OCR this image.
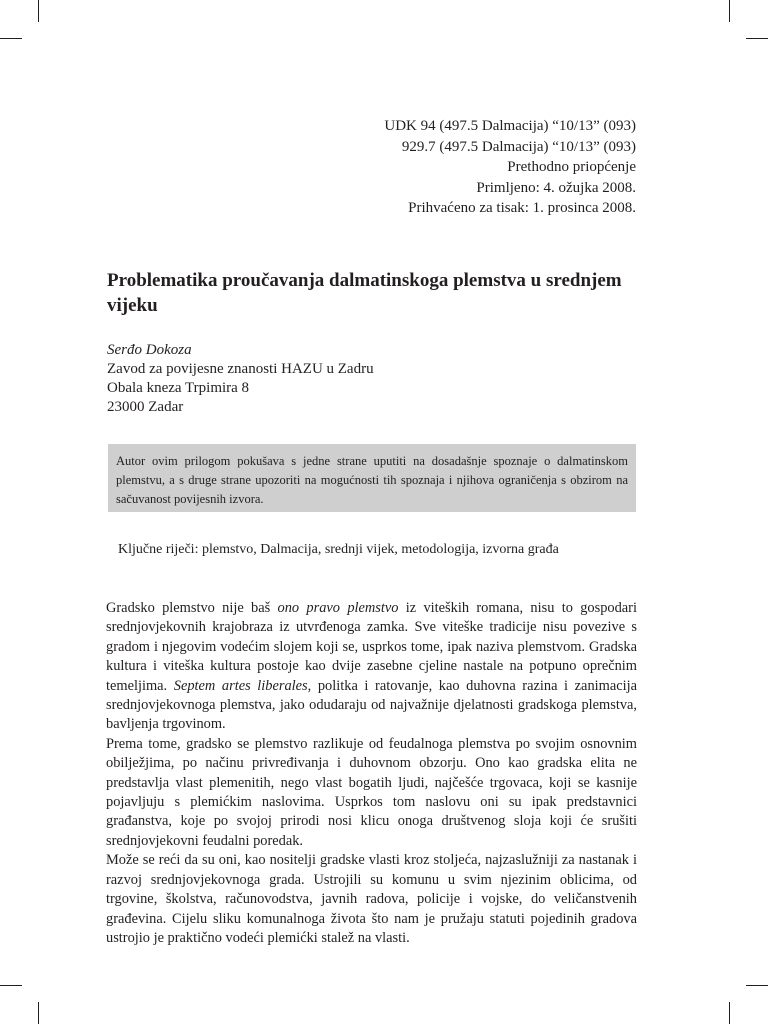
UDK 94 (497.5 Dalmacija) “10/13” (093)
929.7 (497.5 Dalmacija) “10/13” (093)
Prethodno priopćenje
Primljeno: 4. ožujka 2008.
Prihvaćeno za tisak: 1. prosinca 2008.
Problematika proučavanja dalmatinskoga plemstva u srednjem vijeku
Serđo Dokoza
Zavod za povijesne znanosti HAZU u Zadru
Obala kneza Trpimira 8
23000 Zadar

Autor ovim prilogom pokušava s jedne strane uputiti na dosadašnje spoznaje o dalmatinskom plemstvu, a s druge strane upozoriti na mogućnosti tih spoznaja i njihova ograničenja s obzirom na sačuvanost povijesnih izvora.

Ključne riječi: plemstvo, Dalmacija, srednji vijek, metodologija, izvorna građa

Gradsko plemstvo nije baš ono pravo plemstvo iz viteških romana, nisu to gospodari srednjovjekovnih krajobraza iz utvrđenoga zamka. Sve viteške tradicije nisu povezive s gradom i njegovim vodećim slojem koji se, usprkos tome, ipak naziva plemstvom. Gradska kultura i viteška kultura postoje kao dvije zasebne cjeline nastale na potpuno oprečnim temeljima. Septem artes liberales, politka i ratovanje, kao duhovna razina i zanimacija srednjovjekovnoga plemstva, jako odudaraju od najvažnije djelatnosti gradskoga plemstva, bavljenja trgovinom.

Prema tome, gradsko se plemstvo razlikuje od feudalnoga plemstva po svojim osnovnim obilježjima, po načinu privređivanja i duhovnom obzorju. Ono kao gradska elita ne predstavlja vlast plemenitih, nego vlast bogatih ljudi, najčešće trgovaca, koji se kasnije pojavljuju s plemićkim naslovima. Usprkos tom naslovu oni su ipak predstavnici građanstva, koje po svojoj prirodi nosi klicu onoga društvenog sloja koji će srušiti srednjovjekovni feudalni poredak.

Može se reći da su oni, kao nositelji gradske vlasti kroz stoljeća, najzaslužniji za nastanak i razvoj srednjovjekovnoga grada. Ustrojili su komunu u svim njezinim oblicima, od trgovine, školstva, računovodstva, javnih radova, policije i vojske, do veličanstvenih građevina. Cijelu sliku komunalnoga života što nam je pružaju statuti pojedinih gradova ustrojio je praktično vodeći plemićki stalež na vlasti.
